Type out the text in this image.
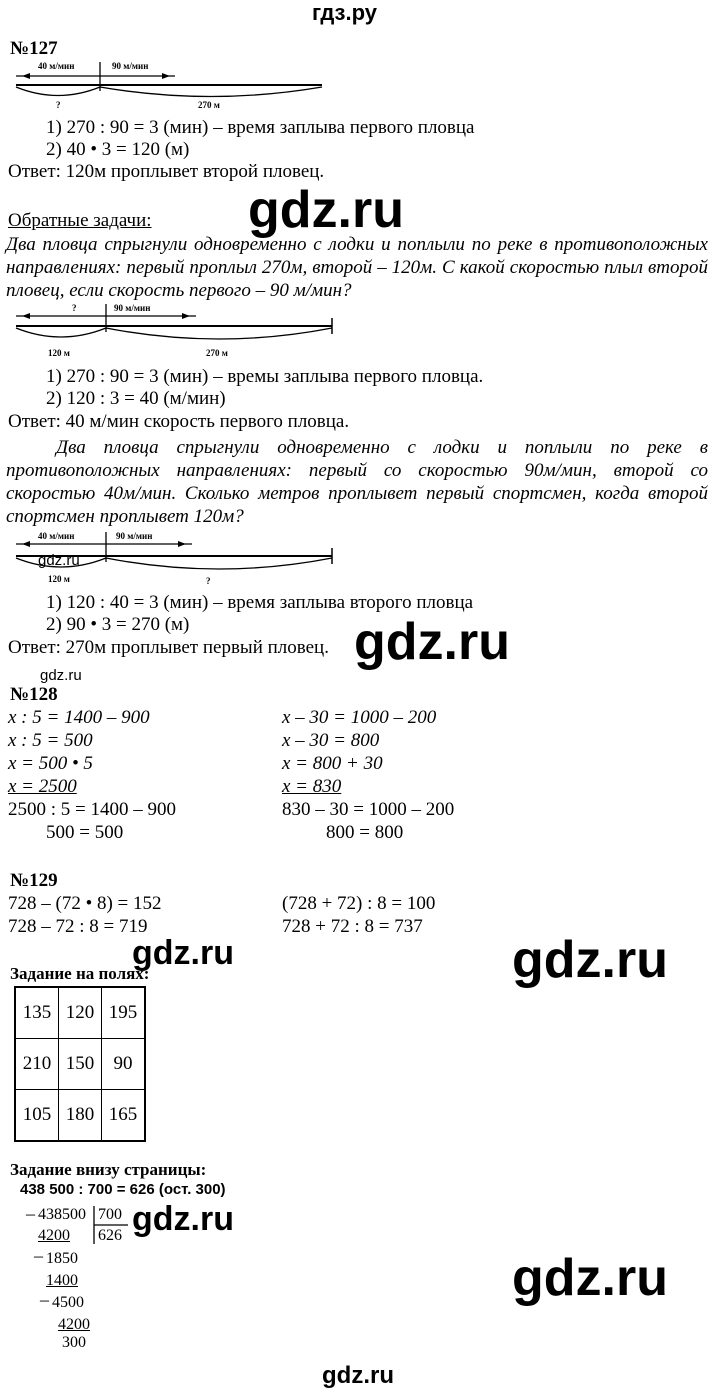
гдз.ру
№127
40 м/мин	90 м/мин
?	270 м
1) 270 : 90 = 3 (мин) – время заплыва первого пловца
2) 40 • 3 = 120 (м)
Ответ: 120м проплывет второй пловец.
gdz.ru
Обратные задачи:
Два пловца спрыгнули одновременно с лодки и поплыли по реке в противоположных направлениях: первый проплыл 270м, второй – 120м. С какой скоростью плыл второй пловец, если скорость первого – 90 м/мин?
?	90 м/мин
120 м	270 м
1) 270 : 90 = 3 (мин) – времы заплыва первого пловца.
2) 120 : 3 = 40 (м/мин)
Ответ: 40 м/мин скорость первого пловца.
Два пловца спрыгнули одновременно с лодки и поплыли по реке в противоположных направлениях: первый со скоростью 90м/мин, второй со скоростью 40м/мин. Сколько метров проплывет первый спортсмен, когда второй спортсмен проплывет 120м?
40 м/мин	90 м/мин
120 м	?
gdz.ru
1) 120 : 40 = 3 (мин) – время заплыва второго пловца
2) 90 • 3 = 270 (м)
Ответ: 270м проплывет первый пловец. gdz.ru
gdz.ru
№128
x : 5 = 1400 – 900
x : 5 = 500
x = 500 • 5
x = 2500
2500 : 5 = 1400 – 900
500 = 500
x – 30 = 1000 – 200
x – 30 = 800
x = 800 + 30
x = 830
830 – 30 = 1000 – 200
800 = 800
№129
728 – (72 • 8) = 152
728 – 72 : 8 = 719
(728 + 72) : 8 = 100
728 + 72 : 8 = 737
gdz.ru	gdz.ru
Задание на полях:
135	120	195
210	150	90
105	180	165
Задание внизу страницы:
438 500 : 700 = 626 (ост. 300)
_ 438500 700
626
4200
_ 1850
1400
_ 4500
4200
300
gdz.ru
gdz.ru
gdz.ru
